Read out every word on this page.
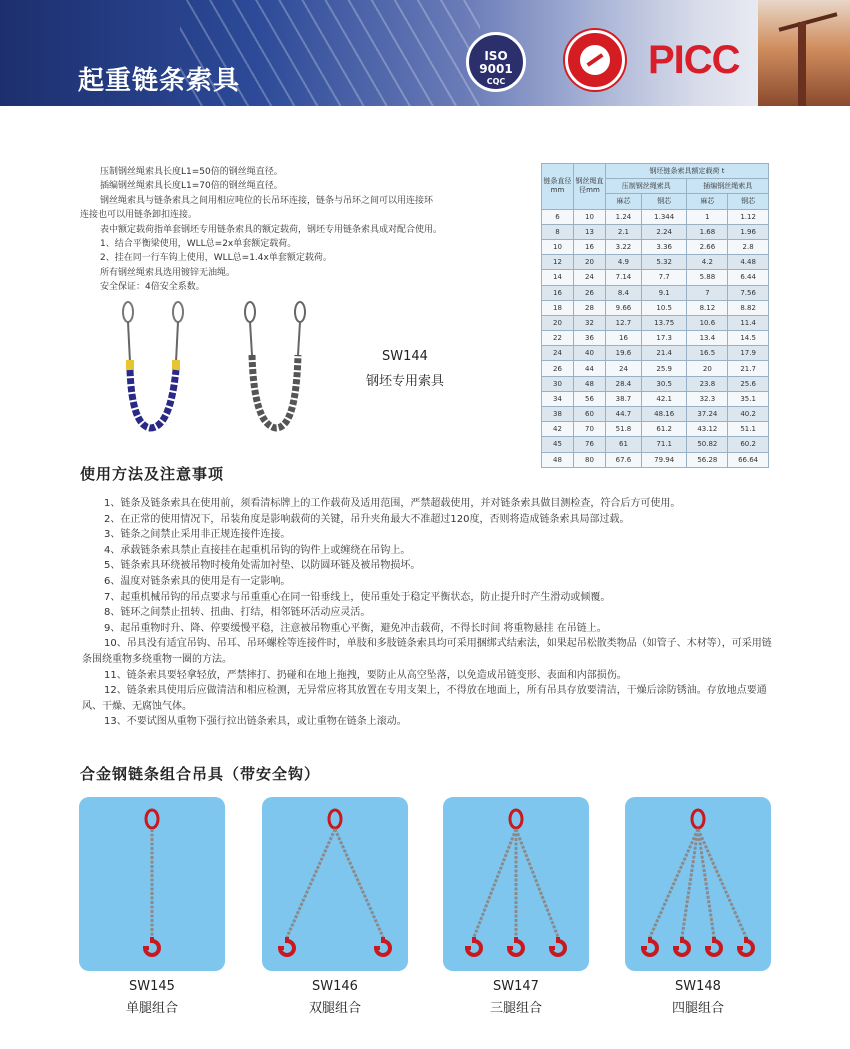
起重链条索具
ISO
9001
CQC	PICC

压制钢丝绳索具长度L1=50倍的钢丝绳直径。

插编钢丝绳索具长度L1=70倍的钢丝绳直径。

钢丝绳索具与链条索具之间用相应吨位的长吊环连接，链条与吊环之间可以用连接环

连接也可以用链条卸扣连接。

表中额定载荷指单套钢坯专用链条索具的额定载荷，钢坯专用链条索具成对配合使用。

1、结合平衡梁使用，WLL总=2x单套额定载荷。

2、挂在同一行车钩上使用，WLL总=1.4x单套额定载荷。

所有钢丝绳索具选用镀锌无油绳。

安全保证：4倍安全系数。

SW144
钢坯专用索具
链条直径mm	钢丝绳直径mm	钢坯链条索具额定载荷 t			
		压制钢丝绳索具		插编钢丝绳索具	
		麻芯	钢芯	麻芯	钢芯
6	10	1.24	1.344	1	1.12
8	13	2.1	2.24	1.68	1.96
10	16	3.22	3.36	2.66	2.8
12	20	4.9	5.32	4.2	4.48
14	24	7.14	7.7	5.88	6.44
16	26	8.4	9.1	7	7.56
18	28	9.66	10.5	8.12	8.82
20	32	12.7	13.75	10.6	11.4
22	36	16	17.3	13.4	14.5
24	40	19.6	21.4	16.5	17.9
26	44	24	25.9	20	21.7
30	48	28.4	30.5	23.8	25.6
34	56	38.7	42.1	32.3	35.1
38	60	44.7	48.16	37.24	40.2
42	70	51.8	61.2	43.12	51.1
45	76	61	71.1	50.82	60.2
48	80	67.6	79.94	56.28	66.64
使用方法及注意事项

1、链条及链条索具在使用前，须看清标牌上的工作载荷及适用范围，严禁超载使用，并对链条索具做目测检查，符合后方可使用。

2、在正常的使用情况下，吊装角度是影响载荷的关键，吊升夹角最大不准超过120度，否则将造成链条索具局部过载。

3、链条之间禁止采用非正规连接件连接。

4、承载链条索具禁止直接挂在起重机吊钩的钩件上或缠绕在吊钩上。

5、链条索具环绕被吊物时棱角处需加衬垫、以防圆环链及被吊物损坏。

6、温度对链条索具的使用是有一定影响。

7、起重机械吊钩的吊点要求与吊重重心在同一铅垂线上，使吊重处于稳定平衡状态，防止提升时产生滑动或倾覆。

8、链环之间禁止扭转、扭曲、打结，相邻链环活动应灵活。

9、起吊重物时升、降、停要缓慢平稳，注意被吊物重心平衡，避免冲击载荷，不得长时间 将重物悬挂 在吊链上。

10、吊具没有适宜吊钩、吊耳、吊环螺栓等连接件时，单肢和多肢链条索具均可采用捆绑式结索法，如果起吊松散类物品（如管子、木材等），可采用链条围绕重物多绕重物一圈的方法。

11、链条索具要轻拿轻放，严禁摔打、扔碰和在地上拖拽，要防止从高空坠落，以免造成吊链变形、表面和内部损伤。

12、链条索具使用后应做清洁和相应检测，无异常应将其放置在专用支架上，不得放在地面上，所有吊具存放要清洁，干燥后涂防锈油。存放地点要通风、干燥、无腐蚀气体。

13、不要试图从重物下强行拉出链条索具，或让重物在链条上滚动。

合金钢链条组合吊具（带安全钩）
SW145
单腿组合
SW146
双腿组合
SW147
三腿组合
SW148
四腿组合
